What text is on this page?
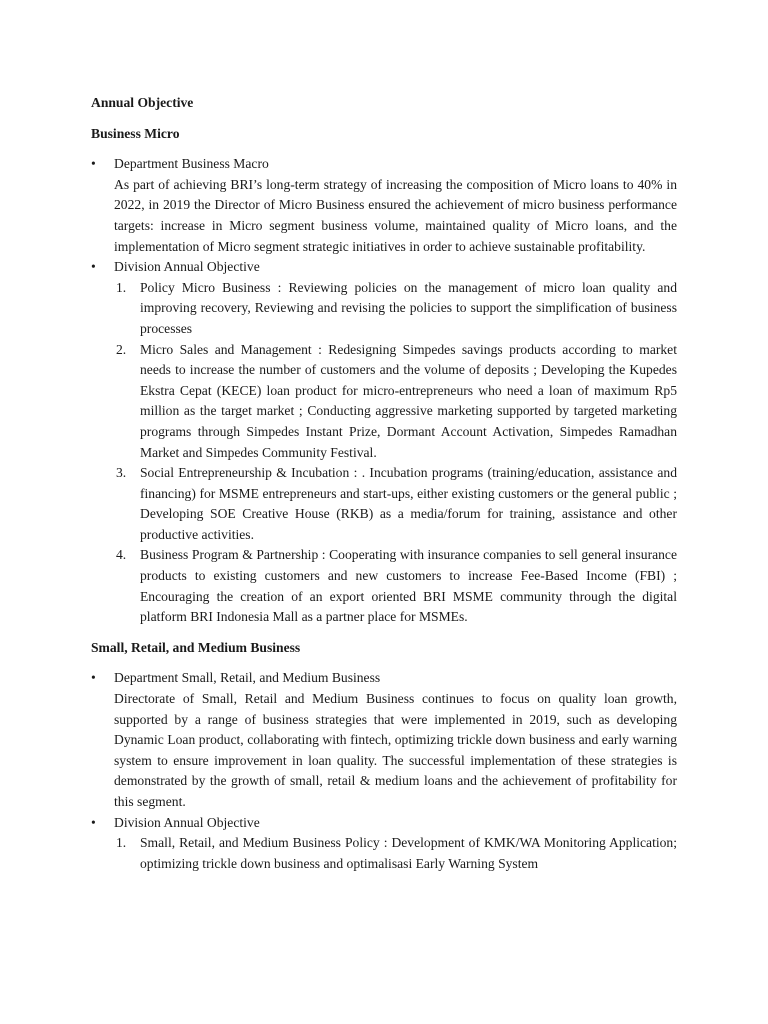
Annual Objective

Business Micro

•	Department Business Macro
As part of achieving BRI’s long-term strategy of increasing the composition of Micro loans to 40% in 2022, in 2019 the Director of Micro Business ensured the achievement of micro business performance targets: increase in Micro segment business volume, maintained quality of Micro loans, and the implementation of Micro segment strategic initiatives in order to achieve sustainable profitability.
•	Division Annual Objective
1. Policy Micro Business : Reviewing policies on the management of micro loan quality and improving recovery, Reviewing and revising the policies to support the simplification of business processes
2. Micro Sales and Management : Redesigning Simpedes savings products according to market needs to increase the number of customers and the volume of deposits ; Developing the Kupedes Ekstra Cepat (KECE) loan product for micro-entrepreneurs who need a loan of maximum Rp5 million as the target market ; Conducting aggressive marketing supported by targeted marketing programs through Simpedes Instant Prize, Dormant Account Activation, Simpedes Ramadhan Market and Simpedes Community Festival.
3. Social Entrepreneurship & Incubation : . Incubation programs (training/education, assistance and financing) for MSME entrepreneurs and start-ups, either existing customers or the general public ; Developing SOE Creative House (RKB) as a media/forum for training, assistance and other productive activities.
4. Business Program & Partnership : Cooperating with insurance companies to sell general insurance products to existing customers and new customers to increase Fee-Based Income (FBI) ; Encouraging the creation of an export oriented BRI MSME community through the digital platform BRI Indonesia Mall as a partner place for MSMEs.

Small, Retail, and Medium Business

•	Department Small, Retail, and Medium Business
Directorate of Small, Retail and Medium Business continues to focus on quality loan growth, supported by a range of business strategies that were implemented in 2019, such as developing Dynamic Loan product, collaborating with fintech, optimizing trickle down business and early warning system to ensure improvement in loan quality. The successful implementation of these strategies is demonstrated by the growth of small, retail & medium loans and the achievement of profitability for this segment.
•	Division Annual Objective
1. Small, Retail, and Medium Business Policy : Development of KMK/WA Monitoring Application; optimizing trickle down business and optimalisasi Early Warning System
